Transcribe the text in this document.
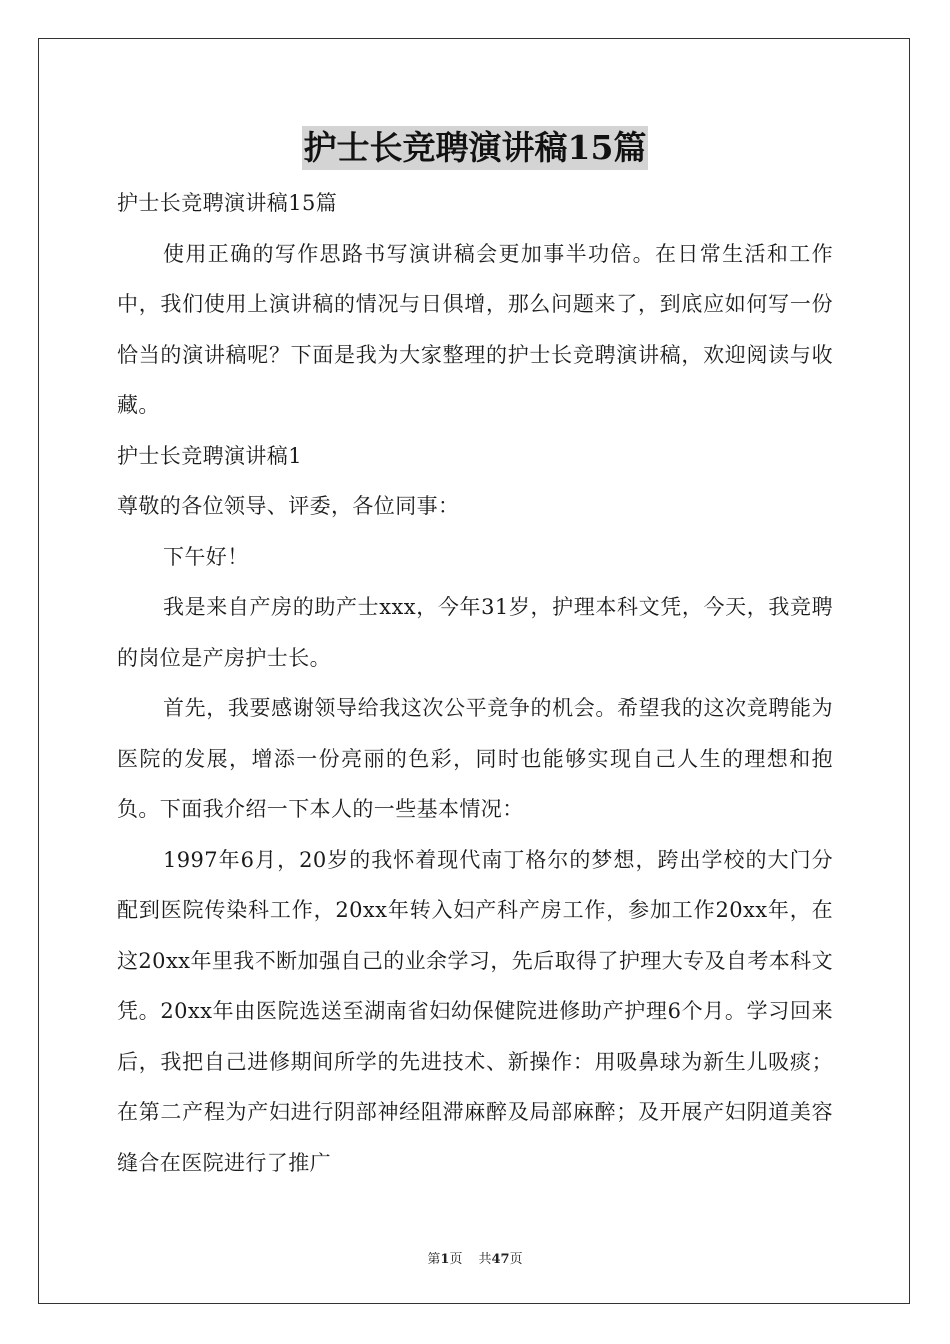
护士长竞聘演讲稿15篇

护士长竞聘演讲稿15篇

使用正确的写作思路书写演讲稿会更加事半功倍。在日常生活和工作中，我们使用上演讲稿的情况与日俱增，那么问题来了，到底应如何写一份恰当的演讲稿呢？下面是我为大家整理的护士长竞聘演讲稿，欢迎阅读与收藏。

护士长竞聘演讲稿1

尊敬的各位领导、评委，各位同事：

下午好！

我是来自产房的助产士xxx，今年31岁，护理本科文凭，今天，我竞聘的岗位是产房护士长。

首先，我要感谢领导给我这次公平竞争的机会。希望我的这次竞聘能为医院的发展，增添一份亮丽的色彩，同时也能够实现自己人生的理想和抱负。下面我介绍一下本人的一些基本情况：

1997年6月，20岁的我怀着现代南丁格尔的梦想，跨出学校的大门分配到医院传染科工作，20xx年转入妇产科产房工作，参加工作20xx年，在这20xx年里我不断加强自己的业余学习，先后取得了护理大专及自考本科文凭。20xx年由医院选送至湖南省妇幼保健院进修助产护理6个月。学习回来后，我把自己进修期间所学的先进技术、新操作：用吸鼻球为新生儿吸痰；在第二产程为产妇进行阴部神经阻滞麻醉及局部麻醉；及开展产妇阴道美容缝合在医院进行了推广

第1页 共47页
